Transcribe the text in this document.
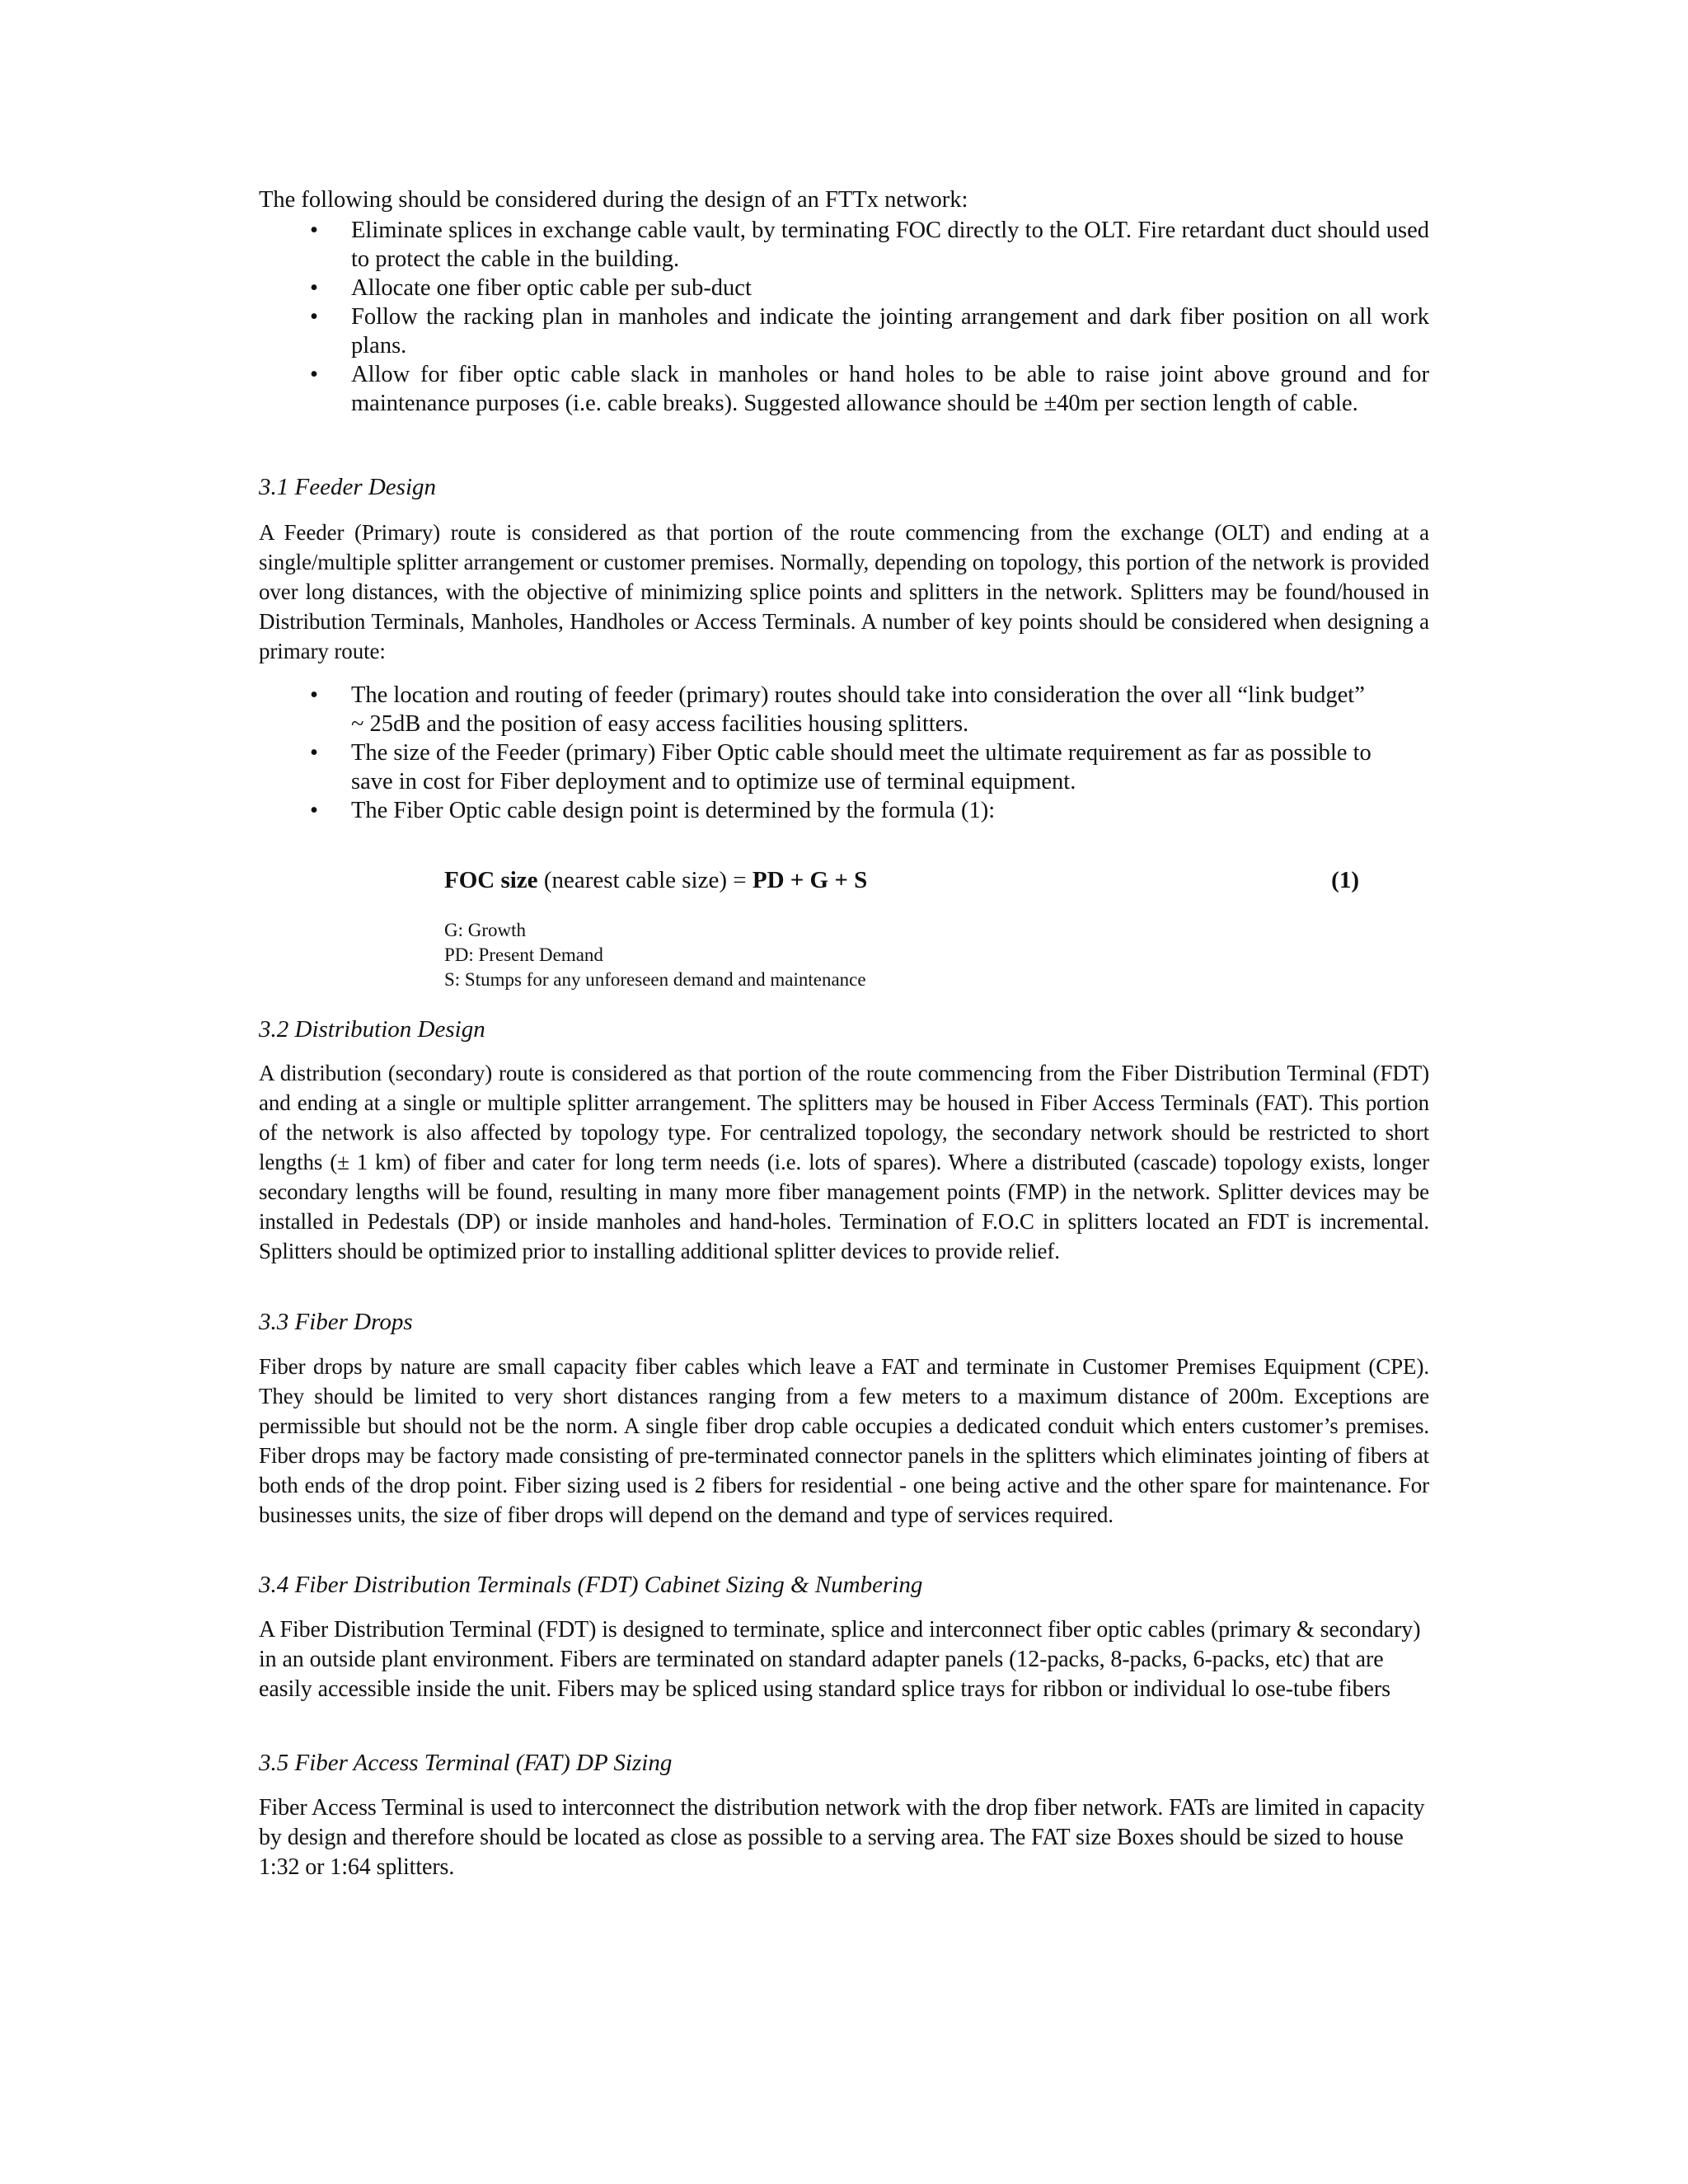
The following should be considered during the design of an FTTx network:
• Eliminate splices in exchange cable vault, by terminating FOC directly to the OLT. Fire retardant duct should used to protect the cable in the building.
• Allocate one fiber optic cable per sub-duct
• Follow the racking plan in manholes and indicate the jointing arrangement and dark fiber position on all work plans.
• Allow for fiber optic cable slack in manholes or hand holes to be able to raise joint above ground and for maintenance purposes (i.e. cable breaks). Suggested allowance should be ±40m per section length of cable.
3.1 Feeder Design
A Feeder (Primary) route is considered as that portion of the route commencing from the exchange (OLT) and ending at a single/multiple splitter arrangement or customer premises. Normally, depending on topology, this portion of the network is provided over long distances, with the objective of minimizing splice points and splitters in the network. Splitters may be found/housed in Distribution Terminals, Manholes, Handholes or Access Terminals. A number of key points should be considered when designing a primary route:
• The location and routing of feeder (primary) routes should take into consideration the over all “link budget” ~ 25dB and the position of easy access facilities housing splitters.
• The size of the Feeder (primary) Fiber Optic cable should meet the ultimate requirement as far as possible to save in cost for Fiber deployment and to optimize use of terminal equipment.
• The Fiber Optic cable design point is determined by the formula (1):
FOC size (nearest cable size) = PD + G + S	(1)
G: Growth
PD: Present Demand
S: Stumps for any unforeseen demand and maintenance
3.2 Distribution Design
A distribution (secondary) route is considered as that portion of the route commencing from the Fiber Distribution Terminal (FDT) and ending at a single or multiple splitter arrangement. The splitters may be housed in Fiber Access Terminals (FAT). This portion of the network is also affected by topology type. For centralized topology, the secondary network should be restricted to short lengths (± 1 km) of fiber and cater for long term needs (i.e. lots of spares). Where a distributed (cascade) topology exists, longer secondary lengths will be found, resulting in many more fiber management points (FMP) in the network. Splitter devices may be installed in Pedestals (DP) or inside manholes and hand-holes. Termination of F.O.C in splitters located an FDT is incremental. Splitters should be optimized prior to installing additional splitter devices to provide relief.
3.3 Fiber Drops
Fiber drops by nature are small capacity fiber cables which leave a FAT and terminate in Customer Premises Equipment (CPE). They should be limited to very short distances ranging from a few meters to a maximum distance of 200m. Exceptions are permissible but should not be the norm. A single fiber drop cable occupies a dedicated conduit which enters customer’s premises. Fiber drops may be factory made consisting of pre-terminated connector panels in the splitters which eliminates jointing of fibers at both ends of the drop point. Fiber sizing used is 2 fibers for residential - one being active and the other spare for maintenance. For businesses units, the size of fiber drops will depend on the demand and type of services required.
3.4 Fiber Distribution Terminals (FDT) Cabinet Sizing & Numbering
A Fiber Distribution Terminal (FDT) is designed to terminate, splice and interconnect fiber optic cables (primary & secondary) in an outside plant environment. Fibers are terminated on standard adapter panels (12-packs, 8-packs, 6-packs, etc) that are easily accessible inside the unit. Fibers may be spliced using standard splice trays for ribbon or individual lo ose-tube fibers
3.5 Fiber Access Terminal (FAT) DP Sizing
Fiber Access Terminal is used to interconnect the distribution network with the drop fiber network. FATs are limited in capacity by design and therefore should be located as close as possible to a serving area. The FAT size Boxes should be sized to house 1:32 or 1:64 splitters.
